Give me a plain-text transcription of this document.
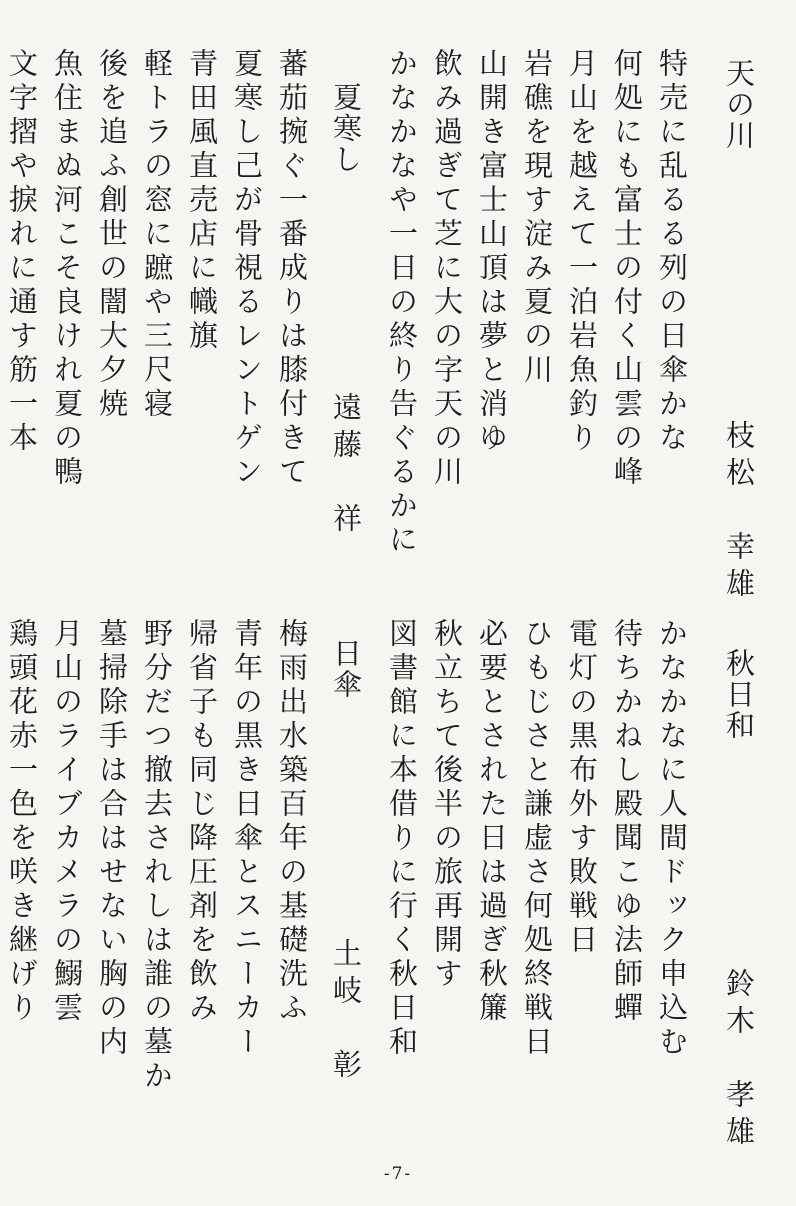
天の川
枝松　幸雄
特売に乱るる列の日傘かな
何処にも富士の付く山雲の峰
月山を越えて一泊岩魚釣り
岩礁を現す淀み夏の川
山開き富士山頂は夢と消ゆ
飲み過ぎて芝に大の字天の川
かなかなや一日の終り告ぐるかに
夏寒し
遠藤　祥
蕃茄捥ぐ一番成りは膝付きて
夏寒し己が骨視るレントゲン
青田風直売店に幟旗
軽トラの窓に蹠や三尺寝
後を追ふ創世の闇大夕焼
魚住まぬ河こそ良けれ夏の鴨
文字摺や捩れに通す筋一本
秋日和
鈴木　孝雄
かなかなに人間ドック申込む
待ちかねし殿聞こゆ法師蟬
電灯の黒布外す敗戦日
ひもじさと謙虚さ何処終戦日
必要とされた日は過ぎ秋簾
秋立ちて後半の旅再開す
図書館に本借りに行く秋日和
日傘
土岐　彰
梅雨出水築百年の基礎洗ふ
青年の黒き日傘とスニーカー
帰省子も同じ降圧剤を飲み
野分だつ撤去されしは誰の墓か
墓掃除手は合はせない胸の内
月山のライブカメラの鰯雲
鶏頭花赤一色を咲き継げり
-7-
